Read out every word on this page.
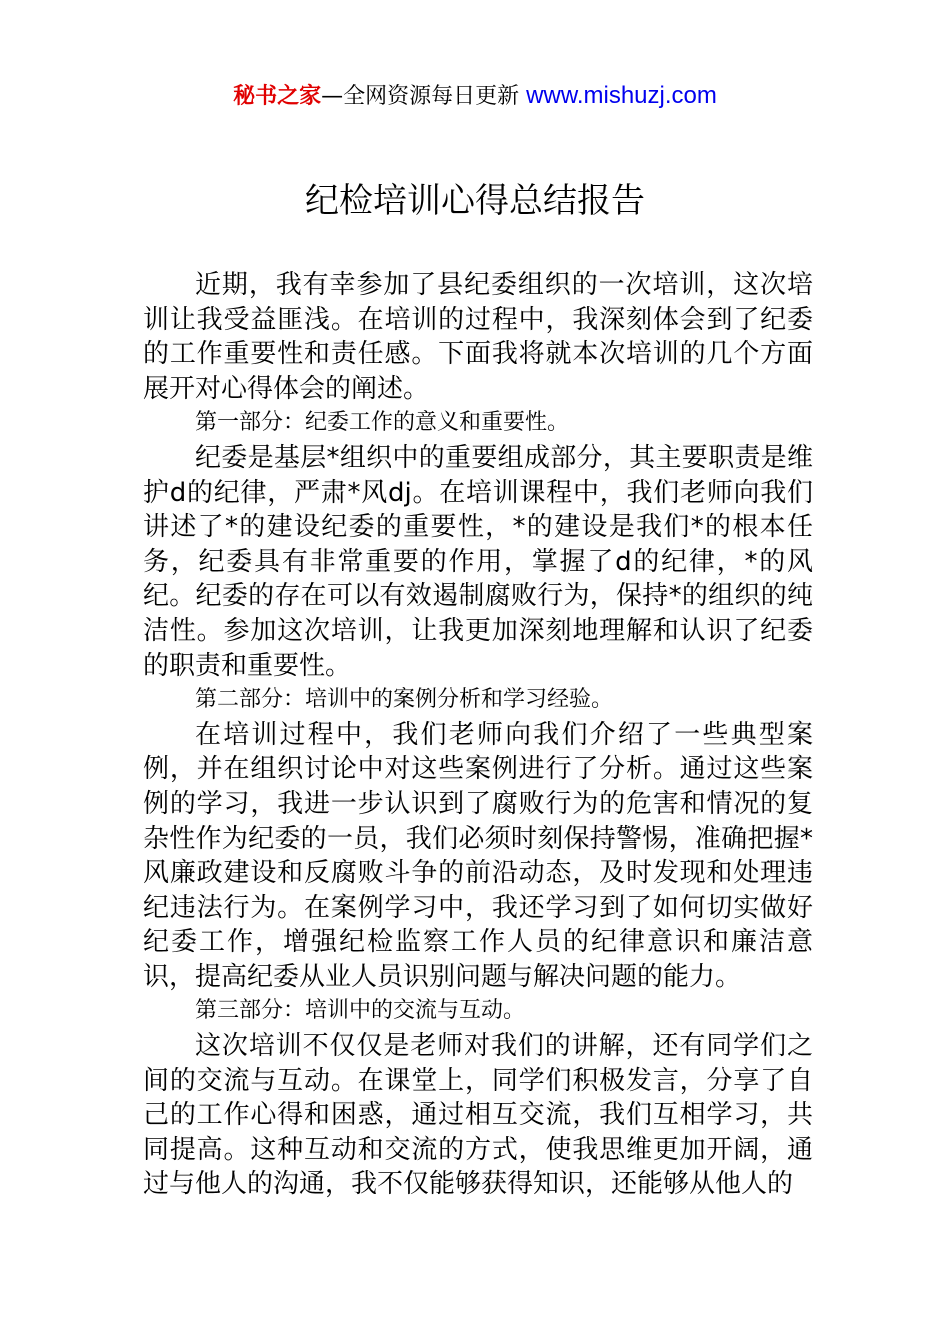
秘书之家—全网资源每日更新 www.mishuzj.com
纪检培训心得总结报告

近期，我有幸参加了县纪委组织的一次培训，这次培训让我受益匪浅。在培训的过程中，我深刻体会到了纪委的工作重要性和责任感。下面我将就本次培训的几个方面展开对心得体会的阐述。

第一部分：纪委工作的意义和重要性。

纪委是基层*组织中的重要组成部分，其主要职责是维护d的纪律，严肃*风dj。在培训课程中，我们老师向我们讲述了*的建设纪委的重要性，*的建设是我们*的根本任务，纪委具有非常重要的作用，掌握了d的纪律，*的风纪。纪委的存在可以有效遏制腐败行为，保持*的组织的纯洁性。参加这次培训，让我更加深刻地理解和认识了纪委的职责和重要性。

第二部分：培训中的案例分析和学习经验。

在培训过程中，我们老师向我们介绍了一些典型案例，并在组织讨论中对这些案例进行了分析。通过这些案例的学习，我进一步认识到了腐败行为的危害和情况的复杂性作为纪委的一员，我们必须时刻保持警惕，准确把握*风廉政建设和反腐败斗争的前沿动态，及时发现和处理违纪违法行为。在案例学习中，我还学习到了如何切实做好纪委工作，增强纪检监察工作人员的纪律意识和廉洁意识，提高纪委从业人员识别问题与解决问题的能力。

第三部分：培训中的交流与互动。

这次培训不仅仅是老师对我们的讲解，还有同学们之间的交流与互动。在课堂上，同学们积极发言，分享了自己的工作心得和困惑，通过相互交流，我们互相学习，共同提高。这种互动和交流的方式，使我思维更加开阔，通过与他人的沟通，我不仅能够获得知识，还能够从他人的
